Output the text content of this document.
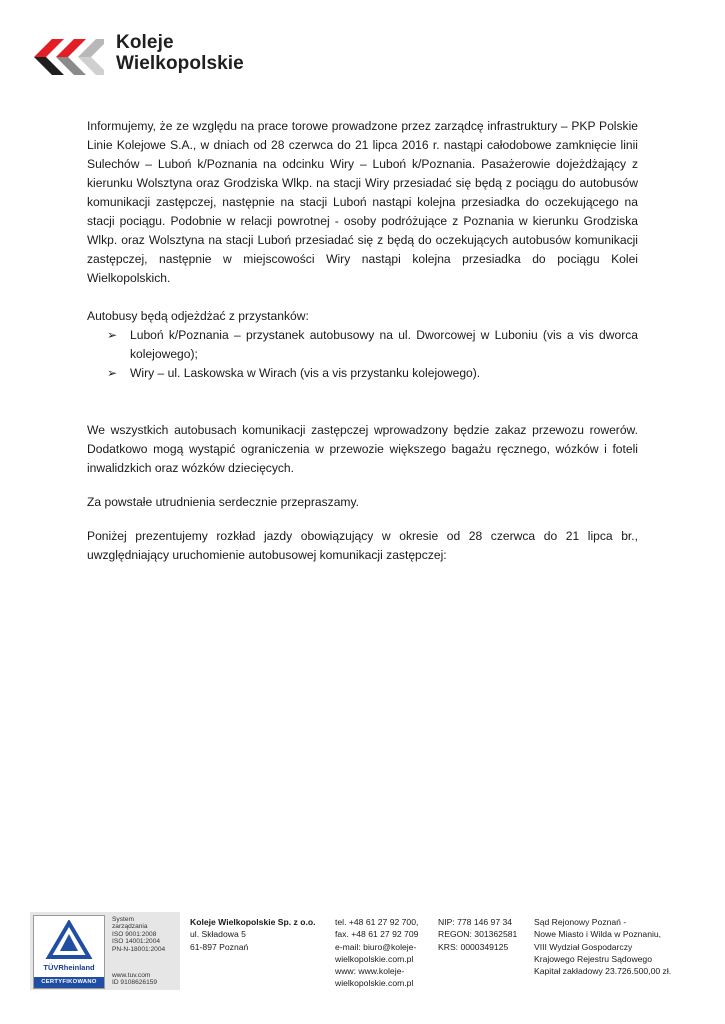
Koleje
Wielkopolskie

Informujemy, że ze względu na prace torowe prowadzone przez zarządcę infrastruktury – PKP Polskie Linie Kolejowe S.A., w dniach od 28 czerwca do 21 lipca 2016 r. nastąpi całodobowe zamknięcie linii Sulechów – Luboń k/Poznania na odcinku Wiry – Luboń k/Poznania. Pasażerowie dojeżdżający z kierunku Wolsztyna oraz Grodziska Wlkp. na stacji Wiry przesiadać się będą z pociągu do autobusów komunikacji zastępczej, następnie na stacji Luboń nastąpi kolejna przesiadka do oczekującego na stacji pociągu. Podobnie w relacji powrotnej - osoby podróżujące z Poznania w kierunku Grodziska Wlkp. oraz Wolsztyna na stacji Luboń przesiadać się z będą do oczekujących autobusów komunikacji zastępczej, następnie w miejscowości Wiry nastąpi kolejna przesiadka do pociągu Kolei Wielkopolskich.

Autobusy będą odjeżdżać z przystanków:

➢ Luboń k/Poznania – przystanek autobusowy na ul. Dworcowej w Luboniu (vis a vis dworca kolejowego);
➢ Wiry – ul. Laskowska w Wirach (vis a vis przystanku kolejowego).

We wszystkich autobusach komunikacji zastępczej wprowadzony będzie zakaz przewozu rowerów. Dodatkowo mogą wystąpić ograniczenia w przewozie większego bagażu ręcznego, wózków i foteli inwalidzkich oraz wózków dziecięcych.

Za powstałe utrudnienia serdecznie przepraszamy.

Poniżej prezentujemy rozkład jazdy obowiązujący w okresie od 28 czerwca do 21 lipca br., uwzględniający uruchomienie autobusowej komunikacji zastępczej:

TÜVRheinland
CERTYFIKOWANO
System
zarządzania
ISO 9001:2008
ISO 14001:2004
PN-N-18001:2004
www.tuv.com
ID 9108626159
Koleje Wielkopolskie Sp. z o.o.
ul. Składowa 5
61-897 Poznań
tel. +48 61 27 92 700,
fax. +48 61 27 92 709
e-mail: biuro@koleje-
wielkopolskie.com.pl
www: www.koleje-
wielkopolskie.com.pl
NIP: 778 146 97 34
REGON: 301362581
KRS: 0000349125
Sąd Rejonowy Poznań -
Nowe Miasto i Wilda w Poznaniu,
VIII Wydział Gospodarczy
Krajowego Rejestru Sądowego
Kapitał zakładowy 23.726.500,00 zł.
